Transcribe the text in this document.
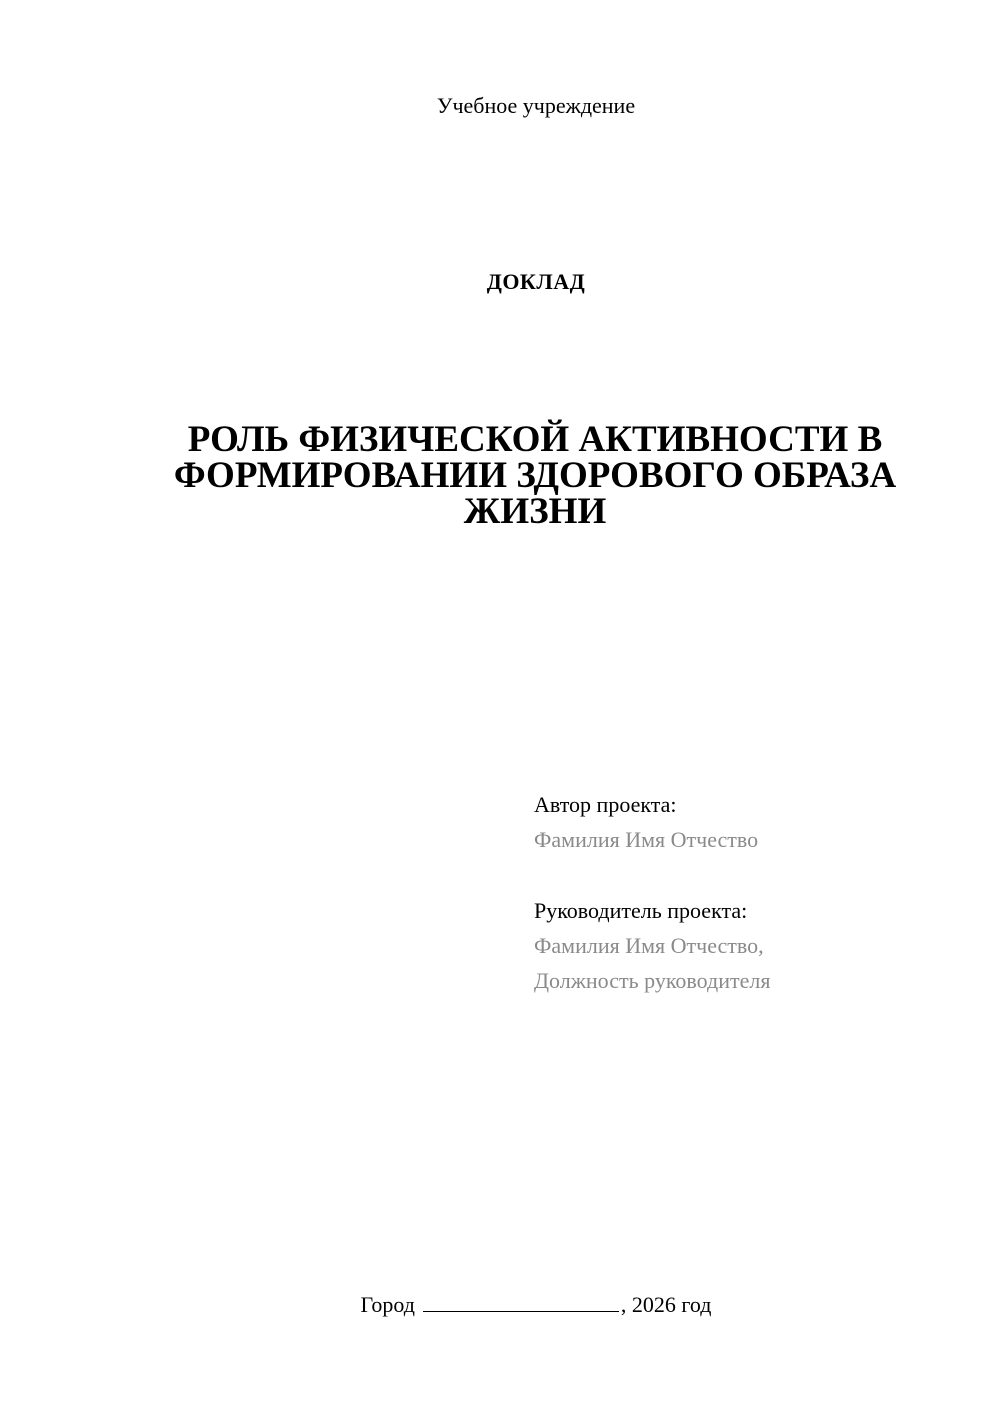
Учебное учреждение
ДОКЛАД
РОЛЬ ФИЗИЧЕСКОЙ АКТИВНОСТИ В
ФОРМИРОВАНИИ ЗДОРОВОГО ОБРАЗА
ЖИЗНИ
Автор проекта:
Фамилия Имя Отчество
Руководитель проекта:
Фамилия Имя Отчество,
Должность руководителя
Город	, 2026 год
